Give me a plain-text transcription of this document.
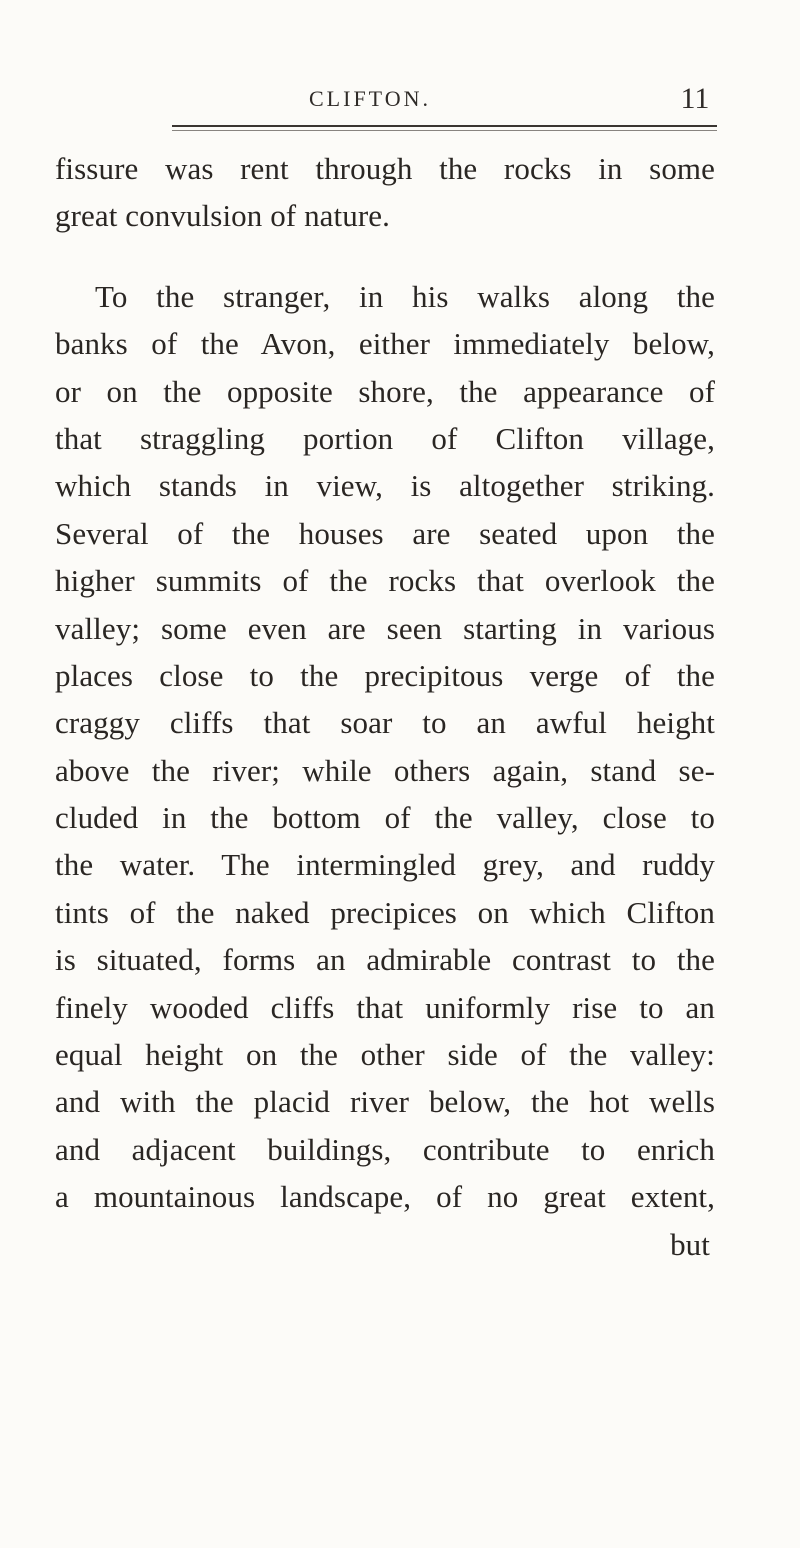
CLIFTON.	11
fissure was rent through the rocks in some
great convulsion of nature.
To the stranger, in his walks along the
banks of the Avon, either immediately below,
or on the opposite shore, the appearance of
that straggling portion of Clifton village,
which stands in view, is altogether striking.
Several of the houses are seated upon the
higher summits of the rocks that overlook the
valley; some even are seen starting in various
places close to the precipitous verge of the
craggy cliffs that soar to an awful height
above the river; while others again, stand se-
cluded in the bottom of the valley, close to
the water. The intermingled grey, and ruddy
tints of the naked precipices on which Clifton
is situated, forms an admirable contrast to the
finely wooded cliffs that uniformly rise to an
equal height on the other side of the valley:
and with the placid river below, the hot wells
and adjacent buildings, contribute to enrich
a mountainous landscape, of no great extent,
but
